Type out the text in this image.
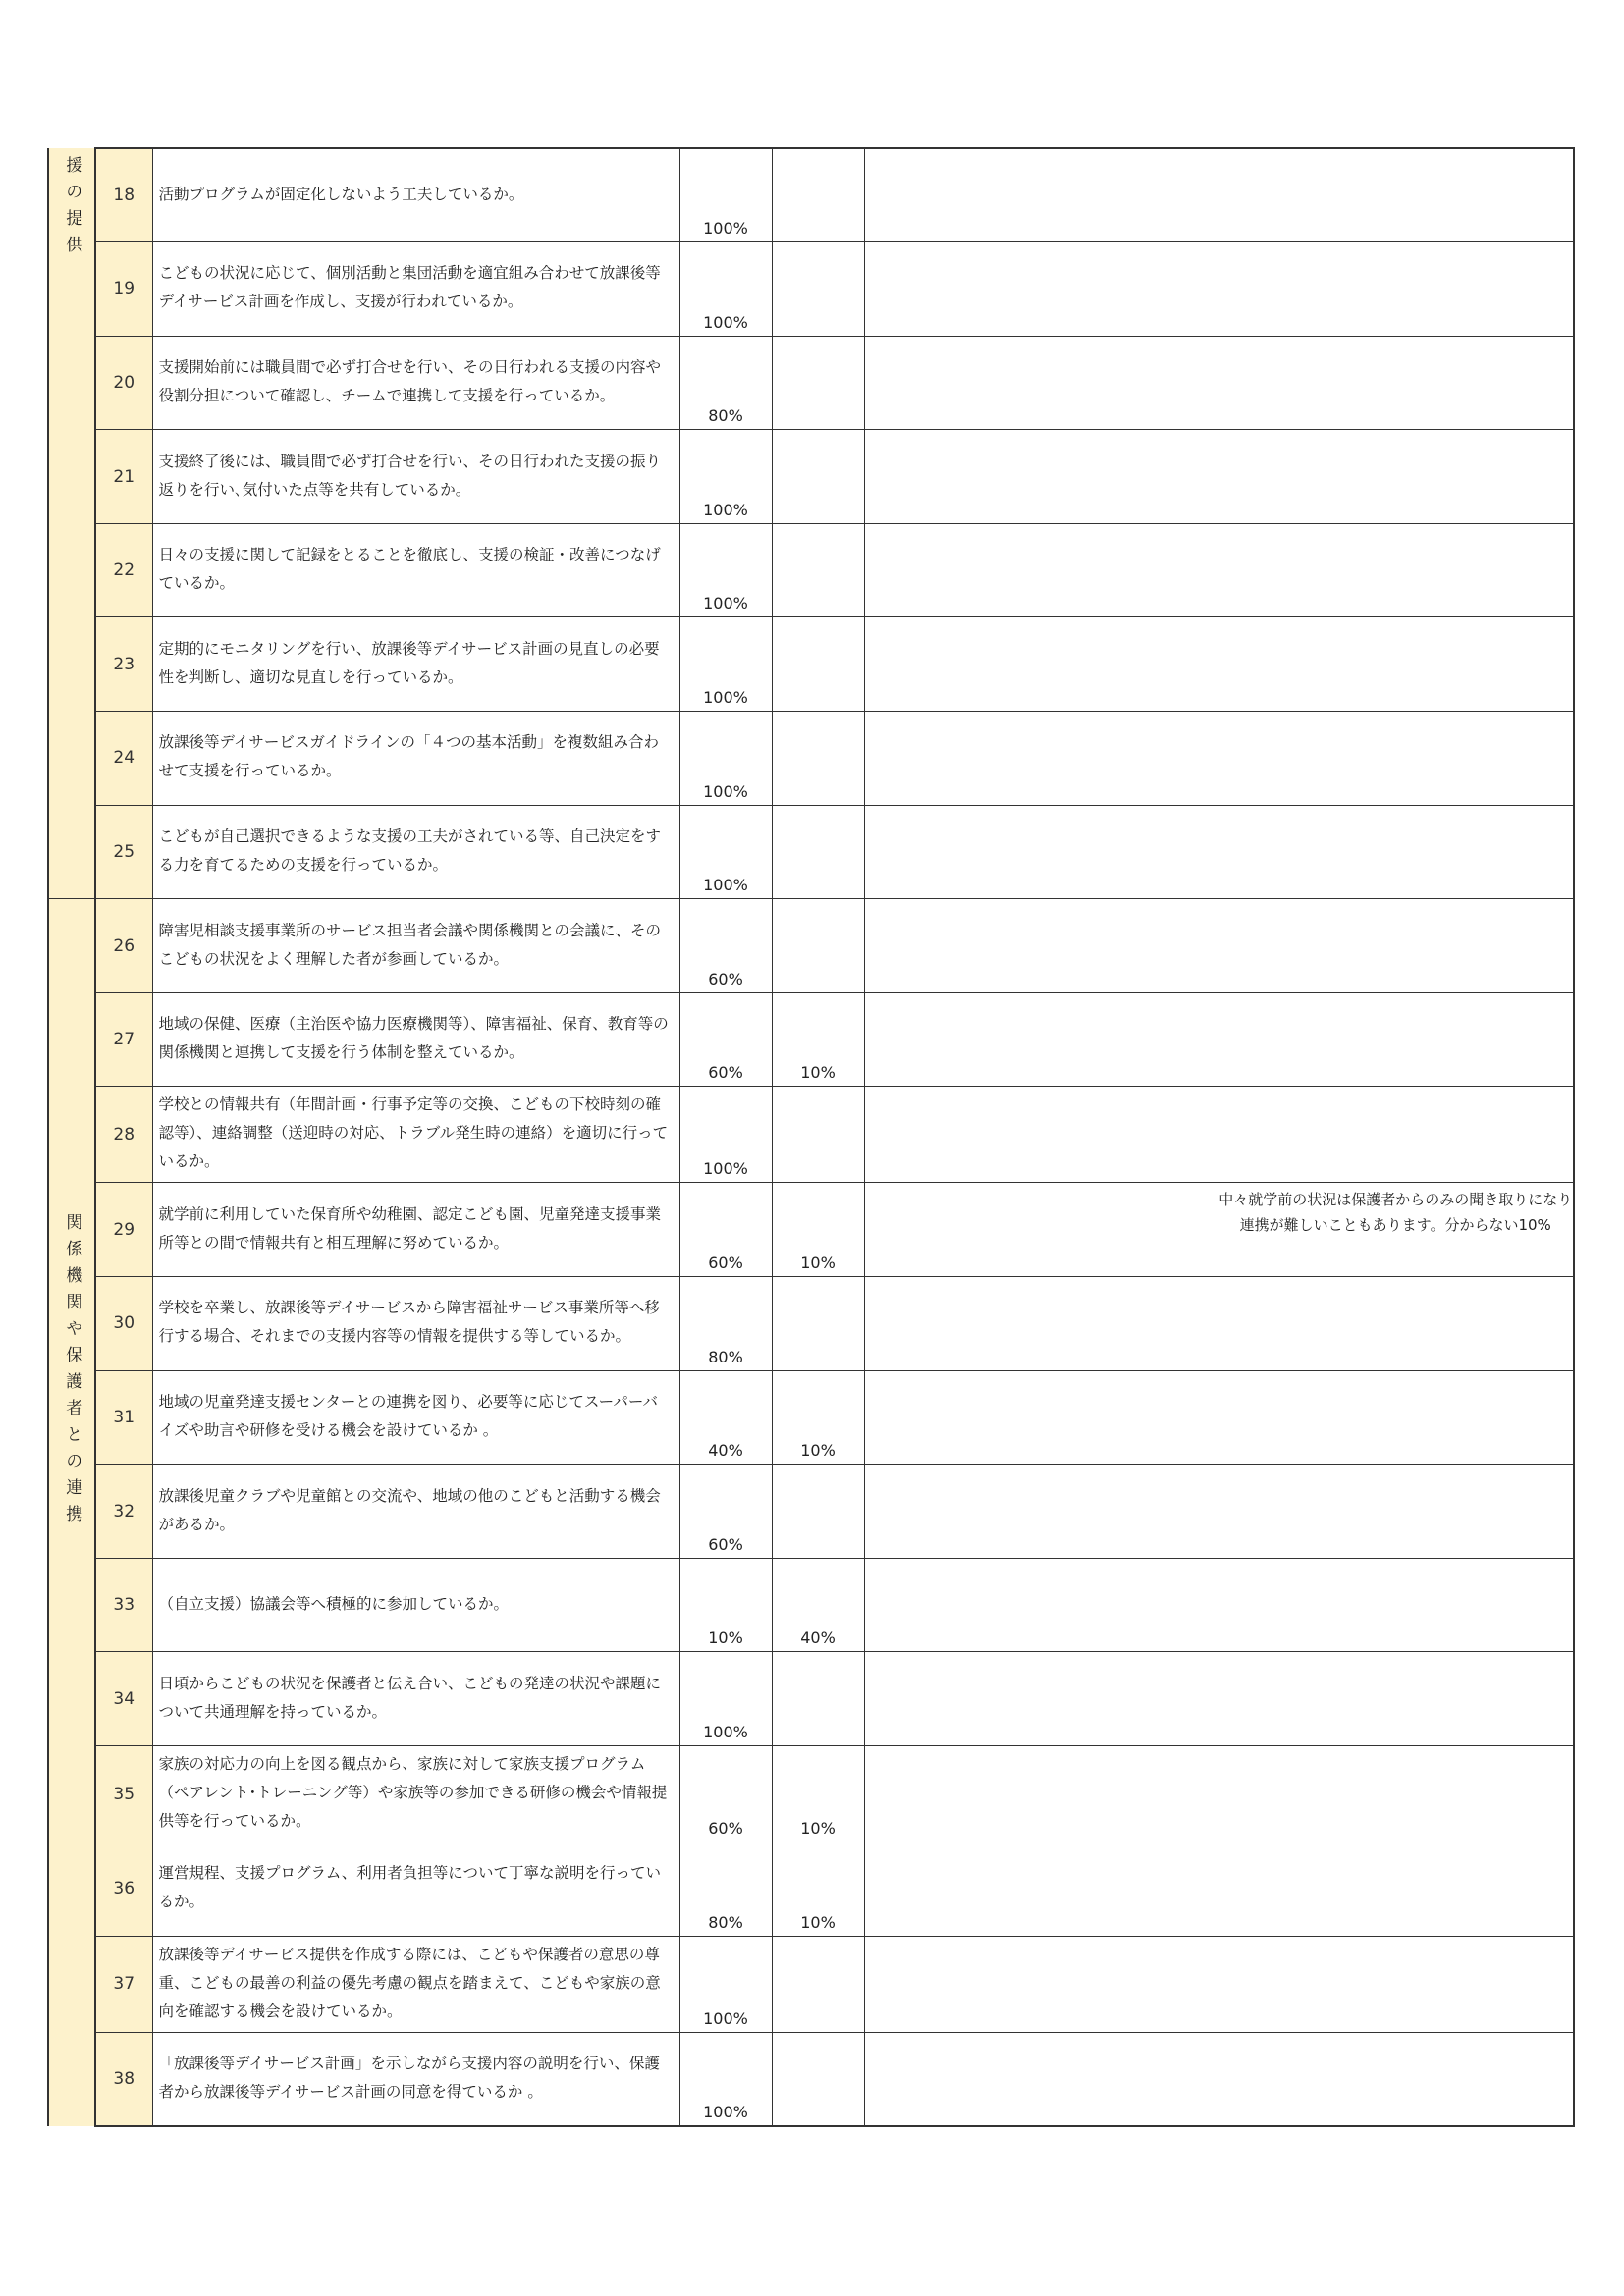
援の提供	18	活動プログラムが固定化しないよう工夫しているか。	100%			
	19	こどもの状況に応じて、個別活動と集団活動を適宜組み合わせて放課後等デイサービス計画を作成し、支援が行われているか。	100%			
	20	支援開始前には職員間で必ず打合せを行い、その日行われる支援の内容や役割分担について確認し、チームで連携して支援を行っているか。	80%			
	21	支援終了後には、職員間で必ず打合せを行い、その日行われた支援の振り返りを行い､気付いた点等を共有しているか。	100%			
	22	日々の支援に関して記録をとることを徹底し、支援の検証・改善につなげているか。	100%			
	23	定期的にモニタリングを行い、放課後等デイサービス計画の見直しの必要性を判断し、適切な見直しを行っているか。	100%			
	24	放課後等デイサービスガイドラインの「４つの基本活動」を複数組み合わせて支援を行っているか。	100%			
	25	こどもが自己選択できるような支援の工夫がされている等、自己決定をする力を育てるための支援を行っているか。	100%			
関係機関や保護者との連携	26	障害児相談支援事業所のサービス担当者会議や関係機関との会議に、そのこどもの状況をよく理解した者が参画しているか。	60%			
	27	地域の保健、医療（主治医や協力医療機関等）、障害福祉、保育、教育等の関係機関と連携して支援を行う体制を整えているか。	60%	10%		
	28	学校との情報共有（年間計画・行事予定等の交換、こどもの下校時刻の確認等）、連絡調整（送迎時の対応、トラブル発生時の連絡）を適切に行っているか。	100%			
	29	就学前に利用していた保育所や幼稚園、認定こども園、児童発達支援事業所等との間で情報共有と相互理解に努めているか。	60%	10%		中々就学前の状況は保護者からのみの聞き取りになり連携が難しいこともあります。分からない10%
	30	学校を卒業し、放課後等デイサービスから障害福祉サービス事業所等へ移行する場合、それまでの支援内容等の情報を提供する等しているか。	80%			
	31	地域の児童発達支援センターとの連携を図り、必要等に応じてスーパーバイズや助言や研修を受ける機会を設けているか 。	40%	10%		
	32	放課後児童クラブや児童館との交流や、地域の他のこどもと活動する機会があるか。	60%			
	33	（自立支援）協議会等へ積極的に参加しているか。	10%	40%		
	34	日頃からこどもの状況を保護者と伝え合い、こどもの発達の状況や課題について共通理解を持っているか。	100%			
	35	家族の対応力の向上を図る観点から、家族に対して家族支援プログラム（ペアレント･トレーニング等）や家族等の参加できる研修の機会や情報提供等を行っているか。	60%	10%		
	36	運営規程、支援プログラム、利用者負担等について丁寧な説明を行っているか。	80%	10%		
	37	放課後等デイサービス提供を作成する際には、こどもや保護者の意思の尊重、こどもの最善の利益の優先考慮の観点を踏まえて、こどもや家族の意向を確認する機会を設けているか。	100%			
	38	「放課後等デイサービス計画」を示しながら支援内容の説明を行い、保護者から放課後等デイサービス計画の同意を得ているか 。	100%			
